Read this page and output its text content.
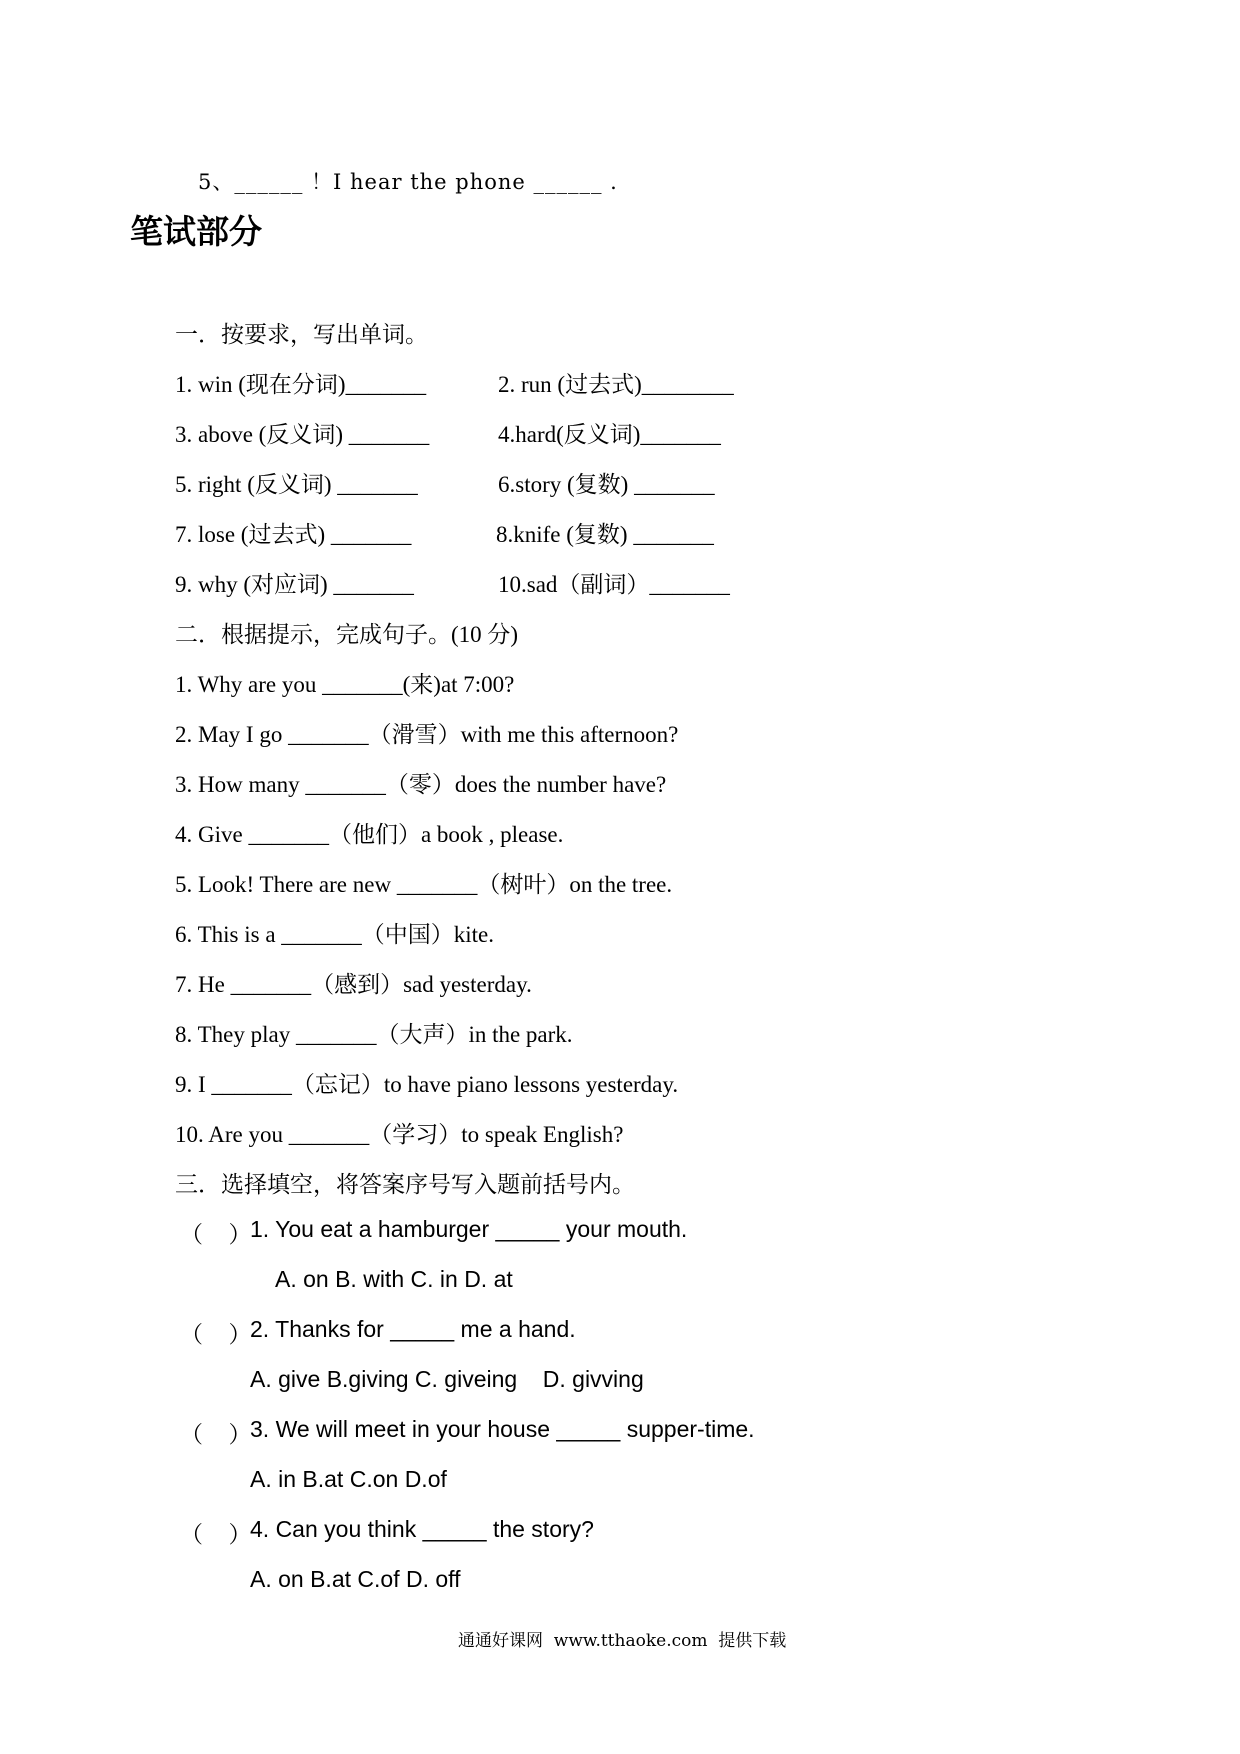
5、______ ！I hear the phone ______ .
笔试部分
一．按要求，写出单词。
1. win (现在分词)_______	2. run (过去式)________
3. above (反义词) _______	4.hard(反义词)_______
5. right (反义词) _______	6.story (复数) _______
7. lose (过去式) _______	8.knife (复数) _______
9. why (对应词) _______	10.sad（副词）_______
二．根据提示，完成句子。(10 分)
1. Why are you _______(来)at 7:00?
2. May I go _______（滑雪）with me this afternoon?
3. How many _______（零）does the number have?
4. Give _______（他们）a book , please.
5. Look! There are new _______（树叶）on the tree.
6. This is a _______（中国）kite.
7. He _______（感到）sad yesterday.
8. They play _______（大声）in the park.
9. I _______（忘记）to have piano lessons yesterday.
10. Are you _______（学习）to speak English?
三．选择填空，将答案序号写入题前括号内。
（    ）
1. You eat a hamburger _____ your mouth.
A. on B. with C. in D. at
（    ）
2. Thanks for _____ me a hand.
A. give B.giving C. giveing    D. givving
（    ）
3. We will meet in your house _____ supper-time.
A. in B.at C.on D.of
（    ）
4. Can you think _____ the story?
A. on B.at C.of D. off
通通好课网  www.tthaoke.com  提供下载
